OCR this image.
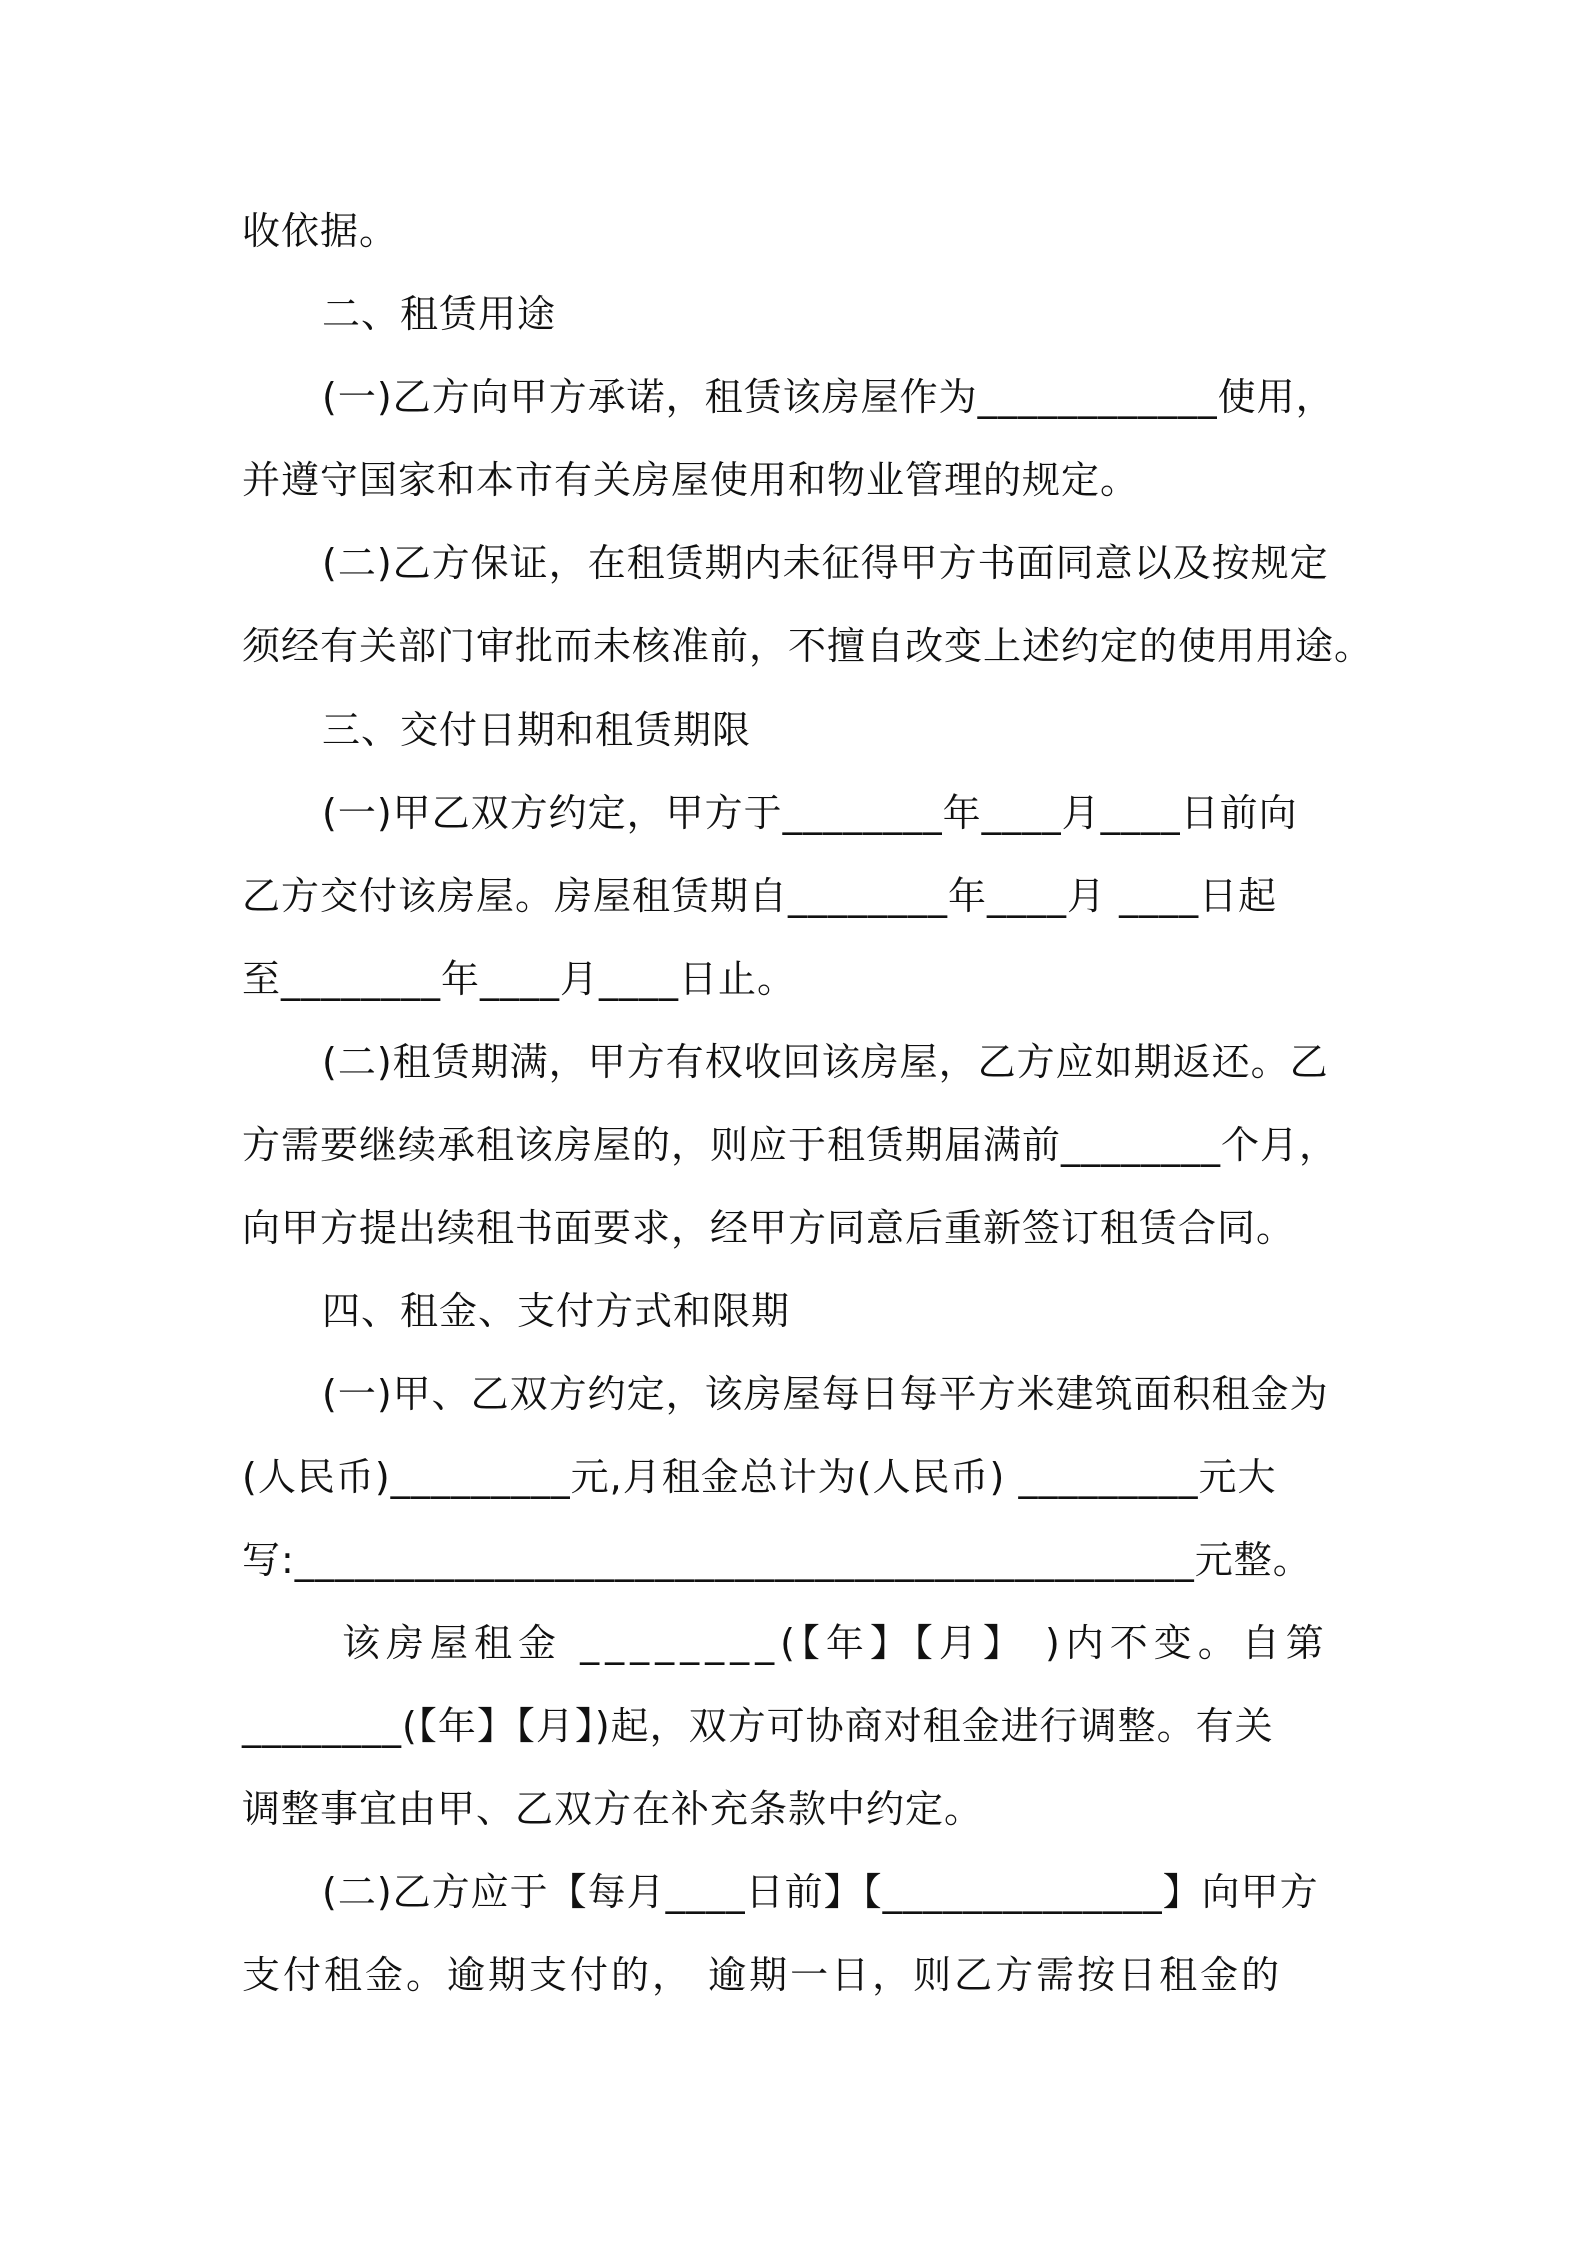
收依据。
二、租赁用途
(一)乙方向甲方承诺，租赁该房屋作为____________使用，
并遵守国家和本市有关房屋使用和物业管理的规定。
(二)乙方保证，在租赁期内未征得甲方书面同意以及按规定
须经有关部门审批而未核准前，不擅自改变上述约定的使用用途。
三、交付日期和租赁期限
(一)甲乙双方约定，甲方于________年____月____日前向
乙方交付该房屋。房屋租赁期自________年____月 ____日起
至________年____月____日止。
(二)租赁期满，甲方有权收回该房屋，乙方应如期返还。乙
方需要继续承租该房屋的，则应于租赁期届满前________个月，
向甲方提出续租书面要求，经甲方同意后重新签订租赁合同。
四、租金、支付方式和限期
(一)甲、乙双方约定，该房屋每日每平方米建筑面积租金为
(人民币)_________元,月租金总计为(人民币) _________元大
写:_____________________________________________元整。
该房屋租金 ________(【年】【月】 )内不变。自第
________(【年】【月】)起，双方可协商对租金进行调整。有关
调整事宜由甲、乙双方在补充条款中约定。
(二)乙方应于【每月____日前】【______________】向甲方
支付租金。逾期支付的， 逾期一日，则乙方需按日租金的
